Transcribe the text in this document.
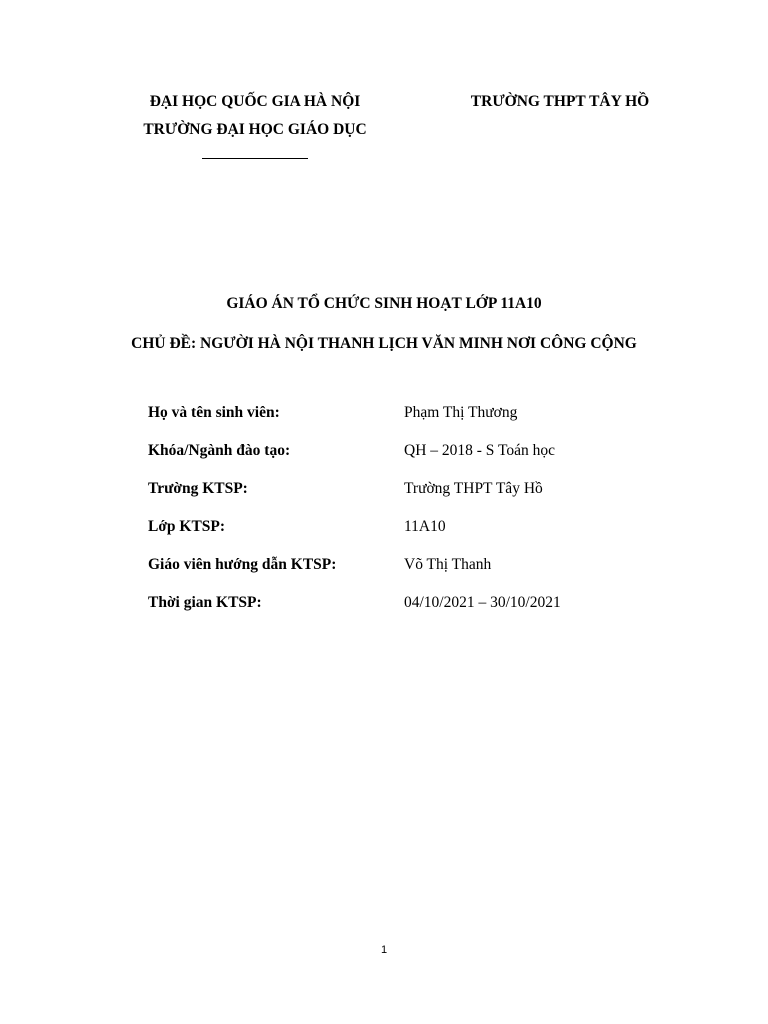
ĐẠI HỌC QUỐC GIA HÀ NỘI
TRƯỜNG ĐẠI HỌC GIÁO DỤC
TRƯỜNG THPT TÂY HỒ
GIÁO ÁN TỔ CHỨC SINH HOẠT LỚP 11A10
CHỦ ĐỀ: NGƯỜI HÀ NỘI THANH LỊCH VĂN MINH NƠI CÔNG CỘNG
Họ và tên sinh viên:	Phạm Thị Thương
Khóa/Ngành đào tạo:	QH – 2018 - S Toán học
Trường KTSP:	Trường THPT Tây Hồ
Lớp KTSP:	11A10
Giáo viên hướng dẫn KTSP:	Võ Thị Thanh
Thời gian KTSP:	04/10/2021 – 30/10/2021
1
